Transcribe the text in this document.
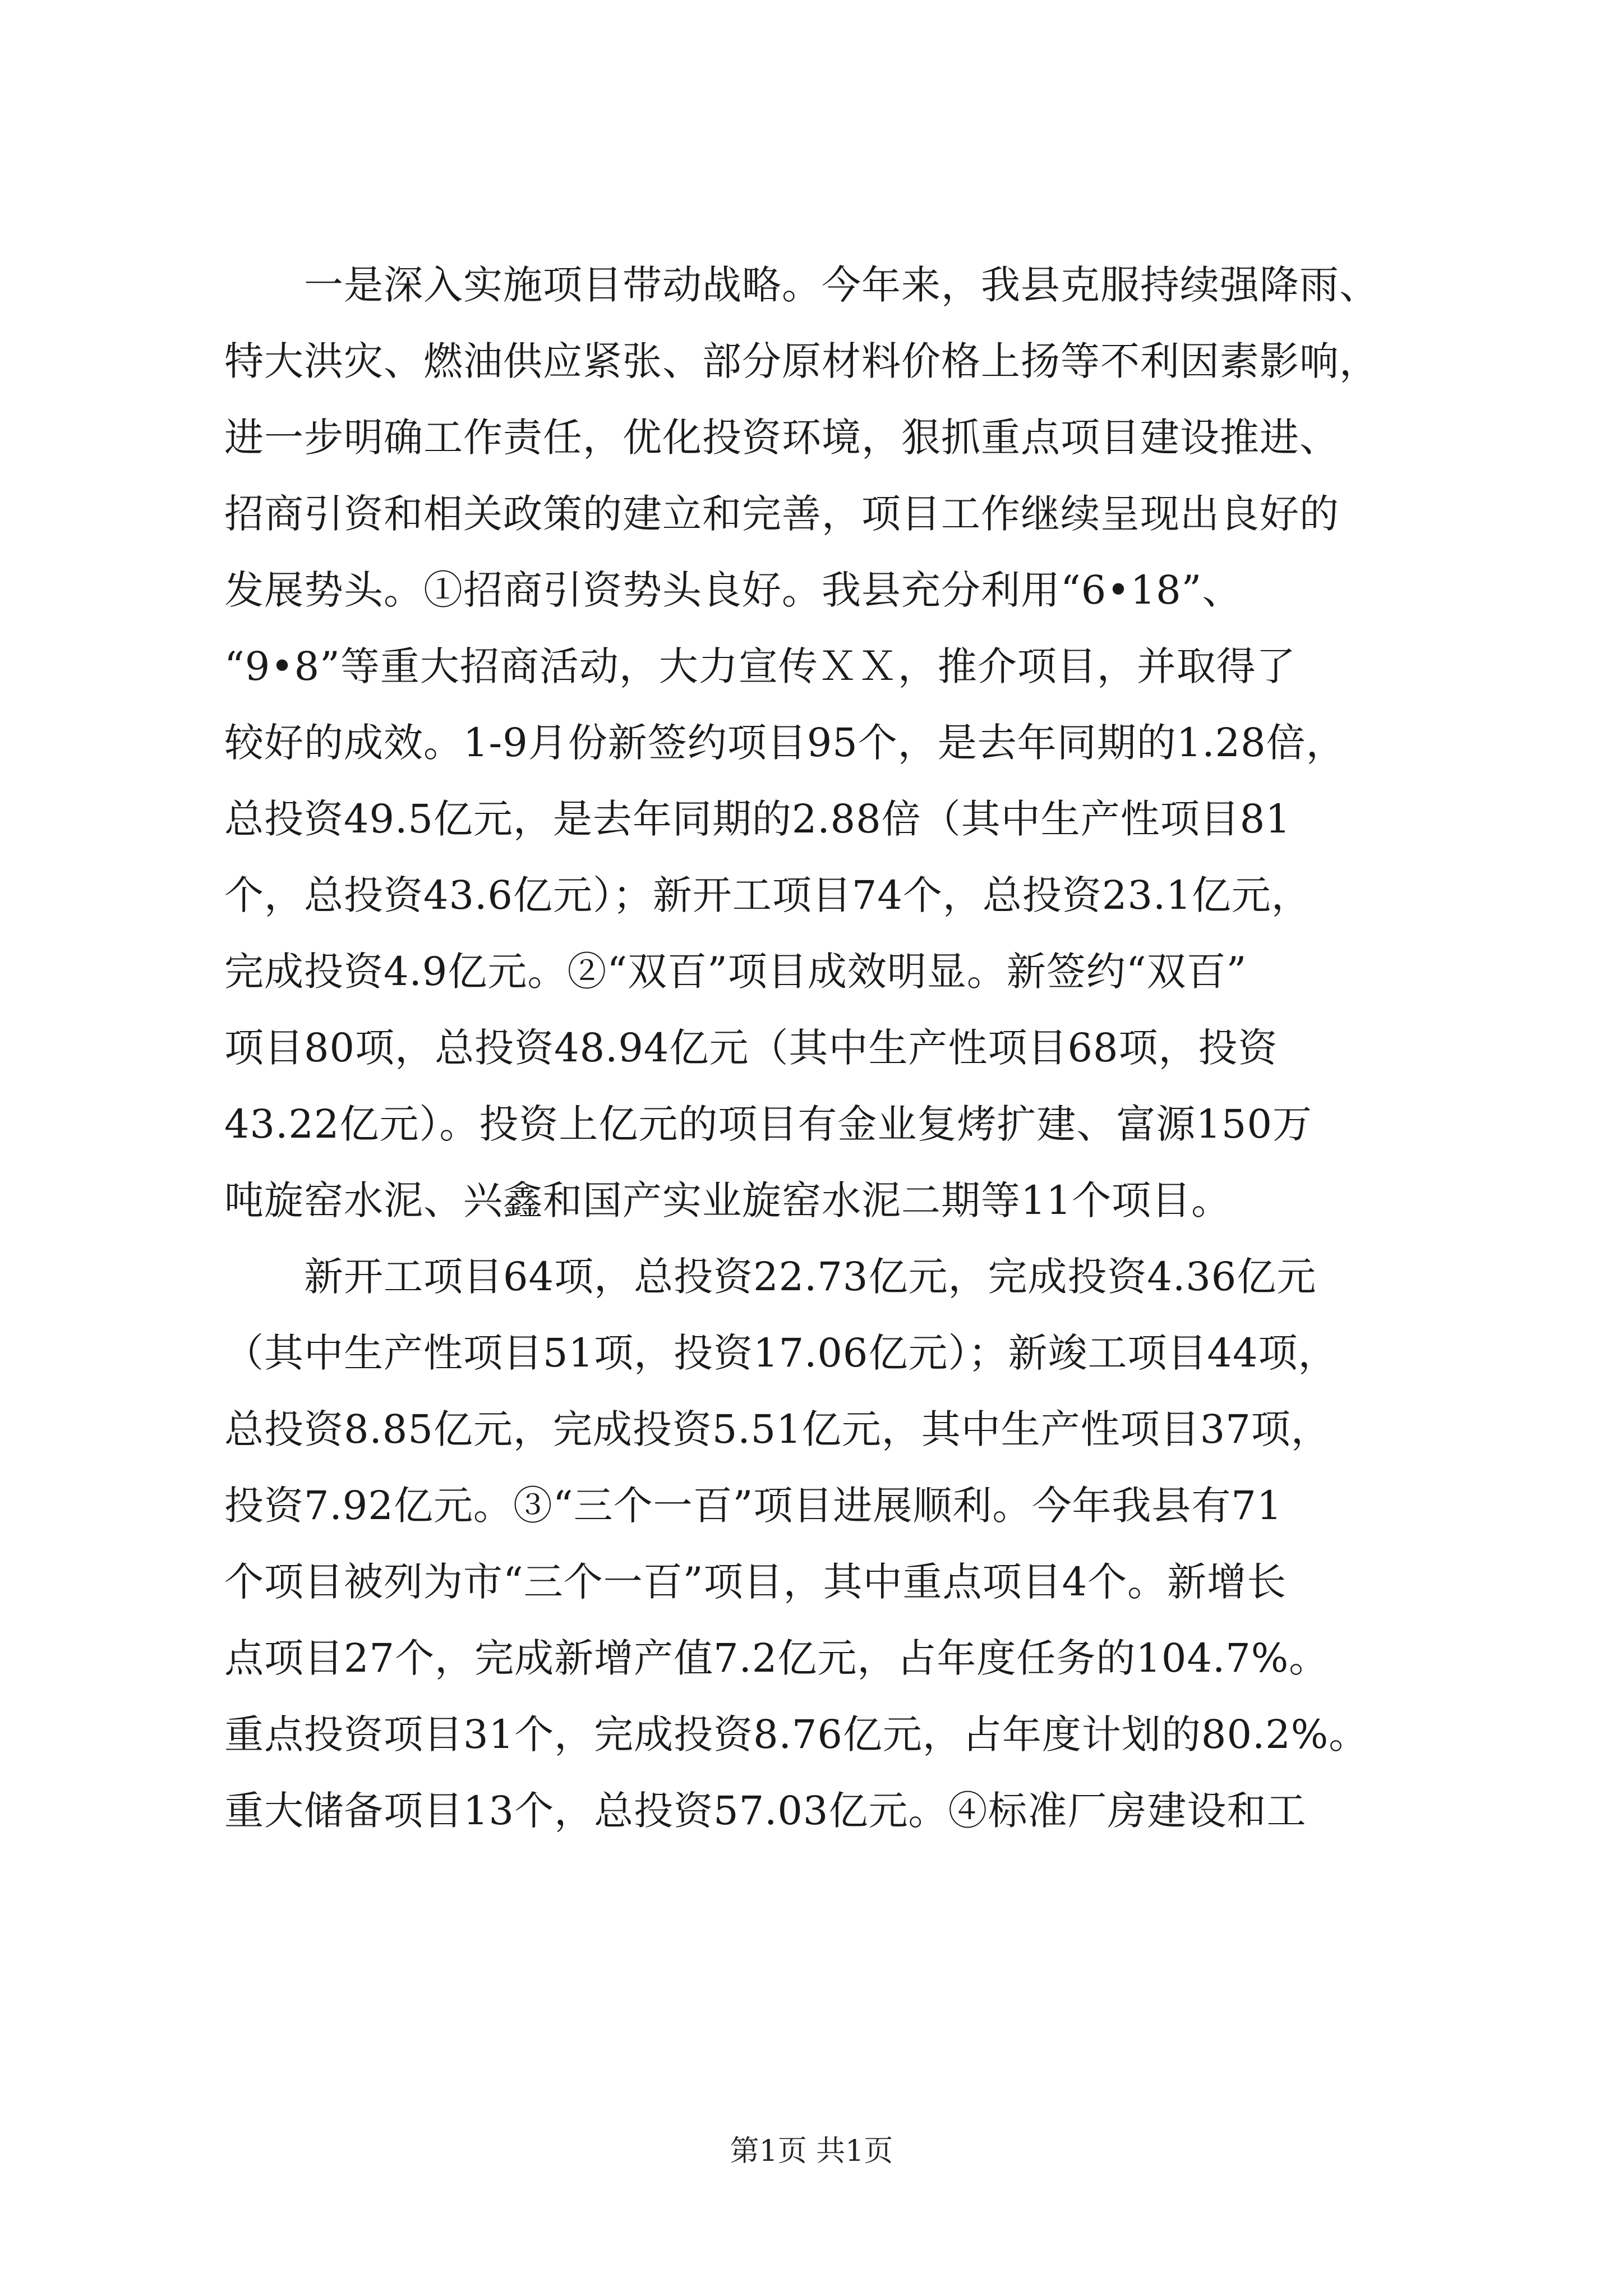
　　一是深入实施项目带动战略。今年来，我县克服持续强降雨、
特大洪灾、燃油供应紧张、部分原材料价格上扬等不利因素影响，
进一步明确工作责任，优化投资环境，狠抓重点项目建设推进、
招商引资和相关政策的建立和完善，项目工作继续呈现出良好的
发展势头。①招商引资势头良好。我县充分利用“6•18”、
“9•8”等重大招商活动，大力宣传ＸＸ，推介项目，并取得了
较好的成效。1-9月份新签约项目95个，是去年同期的1.28倍，
总投资49.5亿元，是去年同期的2.88倍（其中生产性项目81
个，总投资43.6亿元）；新开工项目74个，总投资23.1亿元，
完成投资4.9亿元。②“双百”项目成效明显。新签约“双百”
项目80项，总投资48.94亿元（其中生产性项目68项，投资
43.22亿元）。投资上亿元的项目有金业复烤扩建、富源150万
吨旋窑水泥、兴鑫和国产实业旋窑水泥二期等11个项目。
　　新开工项目64项，总投资22.73亿元，完成投资4.36亿元
（其中生产性项目51项，投资17.06亿元）；新竣工项目44项，
总投资8.85亿元，完成投资5.51亿元，其中生产性项目37项，
投资7.92亿元。③“三个一百”项目进展顺利。今年我县有71
个项目被列为市“三个一百”项目，其中重点项目4个。新增长
点项目27个，完成新增产值7.2亿元，占年度任务的104.7%。
重点投资项目31个，完成投资8.76亿元，占年度计划的80.2%。
重大储备项目13个，总投资57.03亿元。④标准厂房建设和工
第1页 共1页
